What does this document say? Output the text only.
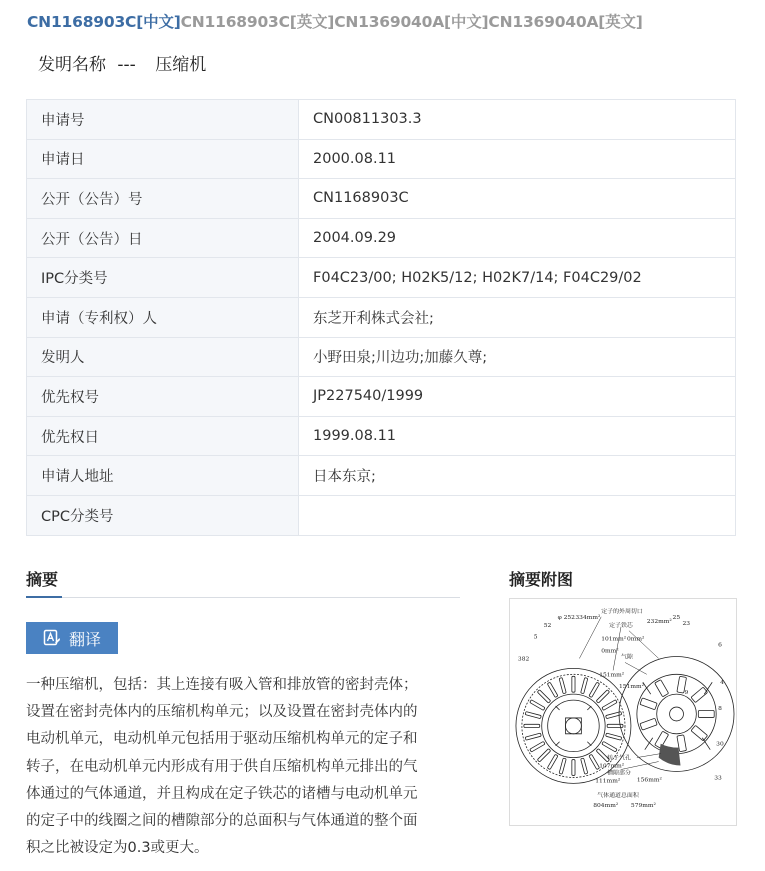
CN1168903C[中文]CN1168903C[英文]CN1369040A[中文]CN1369040A[英文]
发明名称 --- 压缩机
申请号	CN00811303.3
申请日	2000.08.11
公开（公告）号	CN1168903C
公开（公告）日	2004.09.29
IPC分类号	F04C23/00; H02K5/12; H02K7/14; F04C29/02
申请（专利权）人	东芝开利株式会社;
发明人	小野田泉;川边功;加藤久尊;
优先权号	JP227540/1999
优先权日	1999.08.11
申请人地址	日本东京;
CPC分类号	
摘要
翻译
一种压缩机，包括：其上连接有吸入管和排放管的密封壳体；
设置在密封壳体内的压缩机构单元；以及设置在密封壳体内的
电动机单元，电动机单元包括用于驱动压缩机构单元的定子和
转子，在电动机单元内形成有用于供自压缩机构单元排出的气
体通过的气体通道，并且构成在定子铁芯的诸槽与电动机单元
的定子中的线圈之间的槽隙部分的总面积与气体通道的整个面
积之比被设定为0.3或更大。
摘要附图
定子的外周切口
定子铁芯
气隙
转子气孔
槽隙部分
气体通道总面积
334mm²
232mm²
101mm² 0mm²
0mm²
151mm²
151mm²
107mm²
111mm²	156mm²
804mm² 579mm²
φ 252
52
5
382
23
25
6
4
8
30
33
9
